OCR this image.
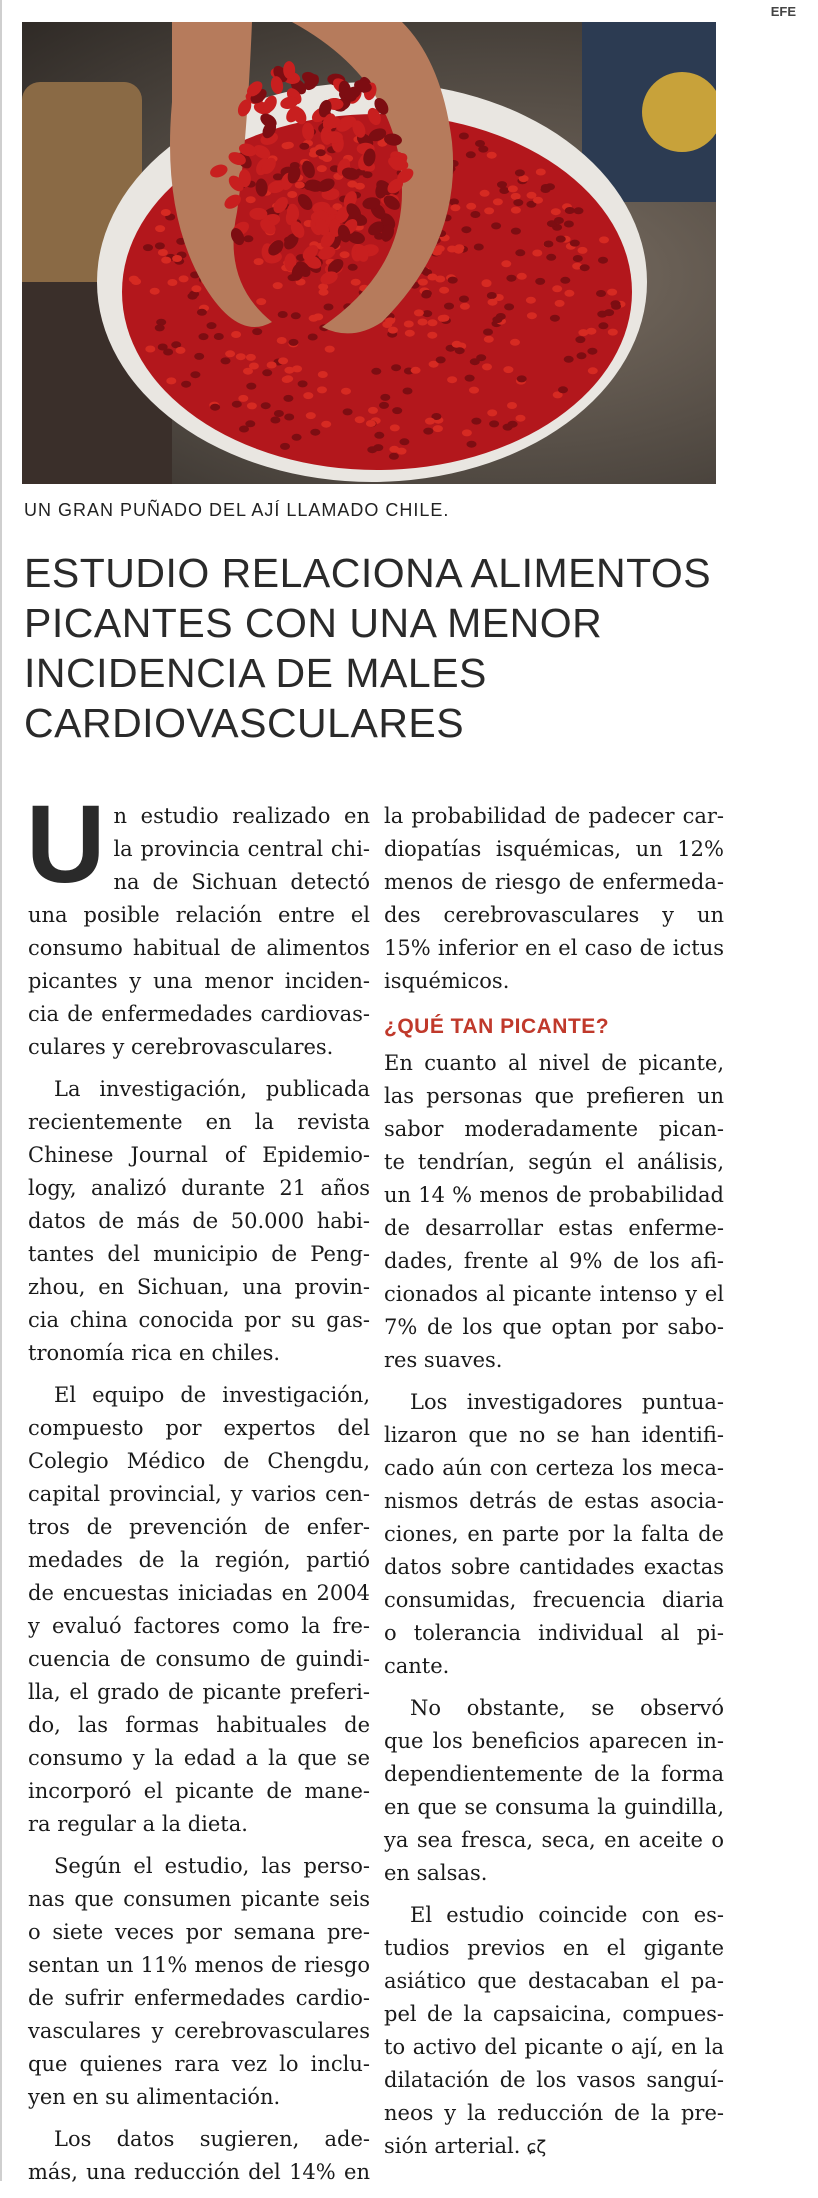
EFE
UN GRAN PUÑADO DEL AJÍ LLAMADO CHILE.
ESTUDIO RELACIONA ALIMENTOS
PICANTES CON UNA MENOR
INCIDENCIA DE MALES
CARDIOVASCULARES

U n estudio realizado en
la provincia central chi-
na de Sichuan detectó
una posible relación entre el
consumo habitual de alimentos
picantes y una menor inciden-
cia de enfermedades cardiovas-
culares y cerebrovasculares.

La investigación, publicada
recientemente en la revista
Chinese Journal of Epidemio-
logy, analizó durante 21 años
datos de más de 50.000 habi-
tantes del municipio de Peng-
zhou, en Sichuan, una provin-
cia china conocida por su gas-
tronomía rica en chiles.

El equipo de investigación,
compuesto por expertos del
Colegio Médico de Chengdu,
capital provincial, y varios cen-
tros de prevención de enfer-
medades de la región, partió
de encuestas iniciadas en 2004
y evaluó factores como la fre-
cuencia de consumo de guindi-
lla, el grado de picante preferi-
do, las formas habituales de
consumo y la edad a la que se
incorporó el picante de mane-
ra regular a la dieta.

Según el estudio, las perso-
nas que consumen picante seis
o siete veces por semana pre-
sentan un 11% menos de riesgo
de sufrir enfermedades cardio-
vasculares y cerebrovasculares
que quienes rara vez lo inclu-
yen en su alimentación.

Los datos sugieren, ade-
más, una reducción del 14% en

la probabilidad de padecer car-
diopatías isquémicas, un 12%
menos de riesgo de enfermeda-
des cerebrovasculares y un
15% inferior en el caso de ictus
isquémicos.

¿QUÉ TAN PICANTE?

En cuanto al nivel de picante,
las personas que prefieren un
sabor moderadamente pican-
te tendrían, según el análisis,
un 14 % menos de probabilidad
de desarrollar estas enferme-
dades, frente al 9% de los afi-
cionados al picante intenso y el
7% de los que optan por sabo-
res suaves.

Los investigadores puntua-
lizaron que no se han identifi-
cado aún con certeza los meca-
nismos detrás de estas asocia-
ciones, en parte por la falta de
datos sobre cantidades exactas
consumidas, frecuencia diaria
o tolerancia individual al pi-
cante.

No obstante, se observó
que los beneficios aparecen in-
dependientemente de la forma
en que se consuma la guindilla,
ya sea fresca, seca, en aceite o
en salsas.

El estudio coincide con es-
tudios previos en el gigante
asiático que destacaban el pa-
pel de la capsaicina, compues-
to activo del picante o ají, en la
dilatación de los vasos sanguí-
neos y la reducción de la pre-
sión arterial. ɕζ
